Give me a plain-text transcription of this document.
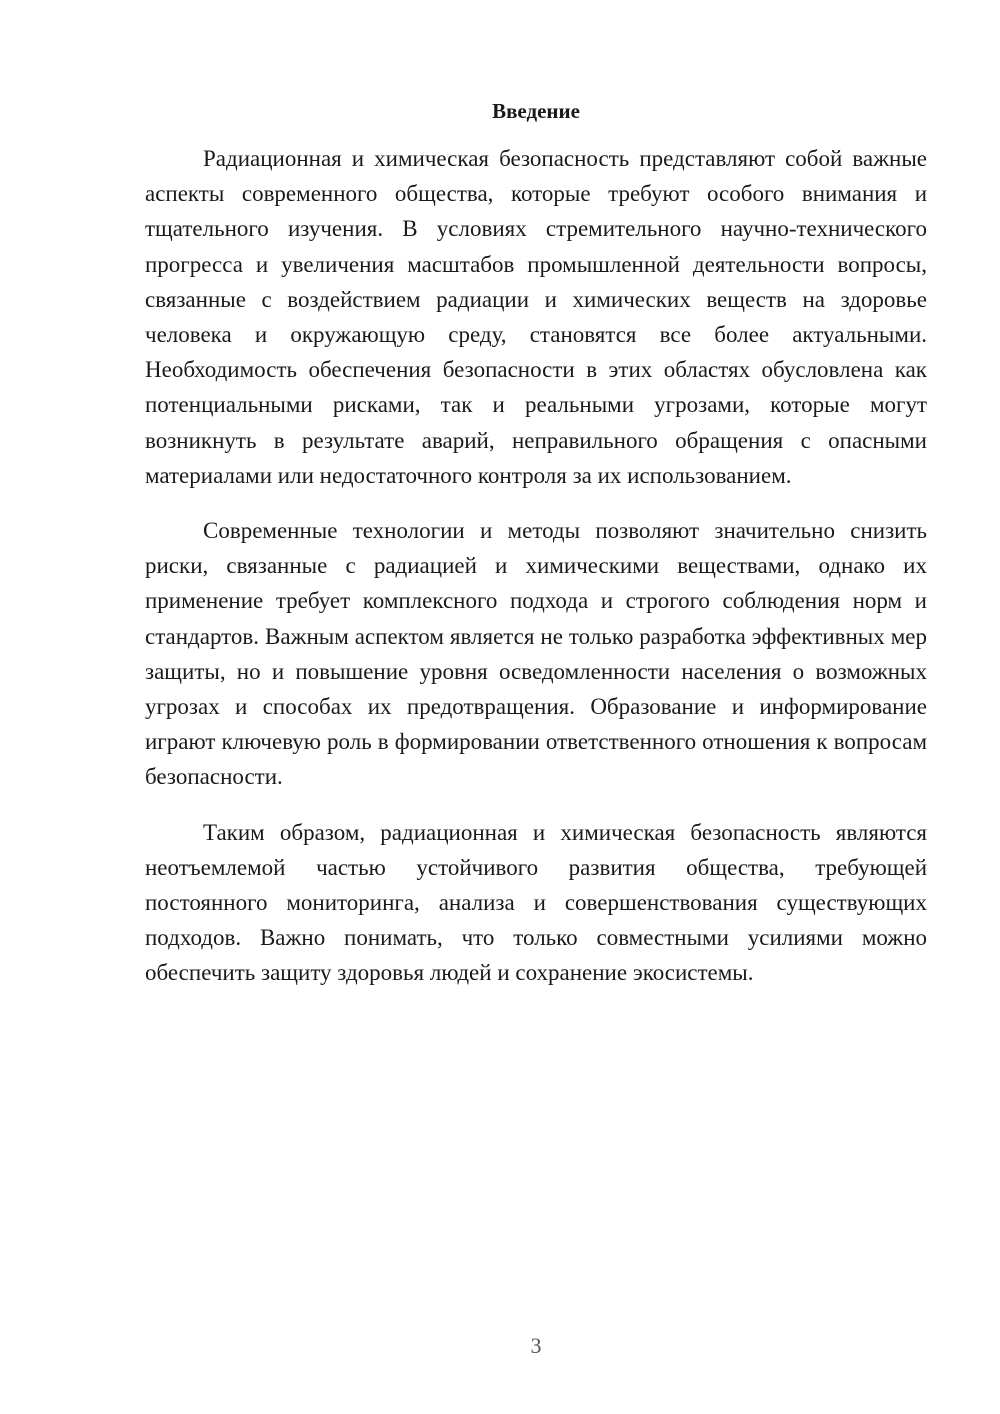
Введение

Радиационная и химическая безопасность представляют собой важные аспекты современного общества, которые требуют особого внимания и тщательного изучения. В условиях стремительного научно-технического прогресса и увеличения масштабов промышленной деятельности вопросы, связанные с воздействием радиации и химических веществ на здоровье человека и окружающую среду, становятся все более актуальными. Необходимость обеспечения безопасности в этих областях обусловлена как потенциальными рисками, так и реальными угрозами, которые могут возникнуть в результате аварий, неправильного обращения с опасными материалами или недостаточного контроля за их использованием.

Современные технологии и методы позволяют значительно снизить риски, связанные с радиацией и химическими веществами, однако их применение требует комплексного подхода и строгого соблюдения норм и стандартов. Важным аспектом является не только разработка эффективных мер защиты, но и повышение уровня осведомленности населения о возможных угрозах и способах их предотвращения. Образование и информирование играют ключевую роль в формировании ответственного отношения к вопросам безопасности.

Таким образом, радиационная и химическая безопасность являются неотъемлемой частью устойчивого развития общества, требующей постоянного мониторинга, анализа и совершенствования существующих подходов. Важно понимать, что только совместными усилиями можно обеспечить защиту здоровья людей и сохранение экосистемы.

3
